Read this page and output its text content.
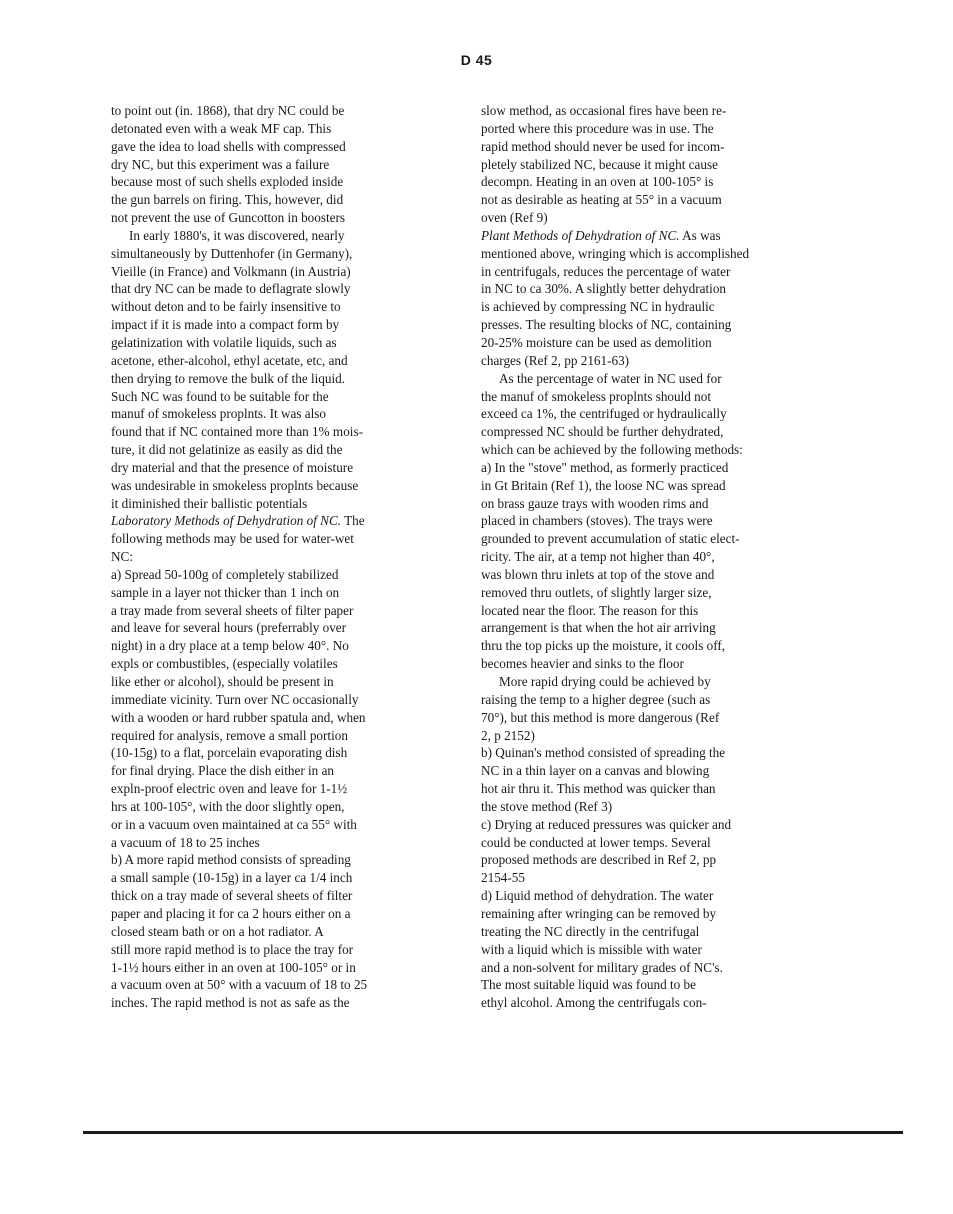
D 45
to point out (in. 1868), that dry NC could be
detonated even with a weak MF cap. This
gave the idea to load shells with compressed
dry NC, but this experiment was a failure
because most of such shells exploded inside
the gun barrels on firing. This, however, did
not prevent the use of Guncotton in boosters
In early 1880's, it was discovered, nearly
simultaneously by Duttenhofer (in Germany),
Vieille (in France) and Volkmann (in Austria)
that dry NC can be made to deflagrate slowly
without deton and to be fairly insensitive to
impact if it is made into a compact form by
gelatinization with volatile liquids, such as
acetone, ether-alcohol, ethyl acetate, etc, and
then drying to remove the bulk of the liquid.
Such NC was found to be suitable for the
manuf of smokeless proplnts. It was also
found that if NC contained more than 1% mois-
ture, it did not gelatinize as easily as did the
dry material and that the presence of moisture
was undesirable in smokeless proplnts because
it diminished their ballistic potentials
Laboratory Methods of Dehydration of NC. The
following methods may be used for water-wet
NC:
a) Spread 50-100g of completely stabilized
sample in a layer not thicker than 1 inch on
a tray made from several sheets of filter paper
and leave for several hours (preferrably over
night) in a dry place at a temp below 40°. No
expls or combustibles, (especially volatiles
like ether or alcohol), should be present in
immediate vicinity. Turn over NC occasionally
with a wooden or hard rubber spatula and, when
required for analysis, remove a small portion
(10-15g) to a flat, porcelain evaporating dish
for final drying. Place the dish either in an
expln-proof electric oven and leave for 1-1½
hrs at 100-105°, with the door slightly open,
or in a vacuum oven maintained at ca 55° with
a vacuum of 18 to 25 inches
b) A more rapid method consists of spreading
a small sample (10-15g) in a layer ca 1/4 inch
thick on a tray made of several sheets of filter
paper and placing it for ca 2 hours either on a
closed steam bath or on a hot radiator. A
still more rapid method is to place the tray for
1-1½ hours either in an oven at 100-105° or in
a vacuum oven at 50° with a vacuum of 18 to 25
inches. The rapid method is not as safe as the
slow method, as occasional fires have been re-
ported where this procedure was in use. The
rapid method should never be used for incom-
pletely stabilized NC, because it might cause
decompn. Heating in an oven at 100-105° is
not as desirable as heating at 55° in a vacuum
oven (Ref 9)
Plant Methods of Dehydration of NC. As was
mentioned above, wringing which is accomplished
in centrifugals, reduces the percentage of water
in NC to ca 30%. A slightly better dehydration
is achieved by compressing NC in hydraulic
presses. The resulting blocks of NC, containing
20-25% moisture can be used as demolition
charges (Ref 2, pp 2161-63)
As the percentage of water in NC used for
the manuf of smokeless proplnts should not
exceed ca 1%, the centrifuged or hydraulically
compressed NC should be further dehydrated,
which can be achieved by the following methods:
a) In the "stove" method, as formerly practiced
in Gt Britain (Ref 1), the loose NC was spread
on brass gauze trays with wooden rims and
placed in chambers (stoves). The trays were
grounded to prevent accumulation of static elect-
ricity. The air, at a temp not higher than 40°,
was blown thru inlets at top of the stove and
removed thru outlets, of slightly larger size,
located near the floor. The reason for this
arrangement is that when the hot air arriving
thru the top picks up the moisture, it cools off,
becomes heavier and sinks to the floor
More rapid drying could be achieved by
raising the temp to a higher degree (such as
70°), but this method is more dangerous (Ref
2, p 2152)
b) Quinan's method consisted of spreading the
NC in a thin layer on a canvas and blowing
hot air thru it. This method was quicker than
the stove method (Ref 3)
c) Drying at reduced pressures was quicker and
could be conducted at lower temps. Several
proposed methods are described in Ref 2, pp
2154-55
d) Liquid method of dehydration. The water
remaining after wringing can be removed by
treating the NC directly in the centrifugal
with a liquid which is missible with water
and a non-solvent for military grades of NC's.
The most suitable liquid was found to be
ethyl alcohol. Among the centrifugals con-
